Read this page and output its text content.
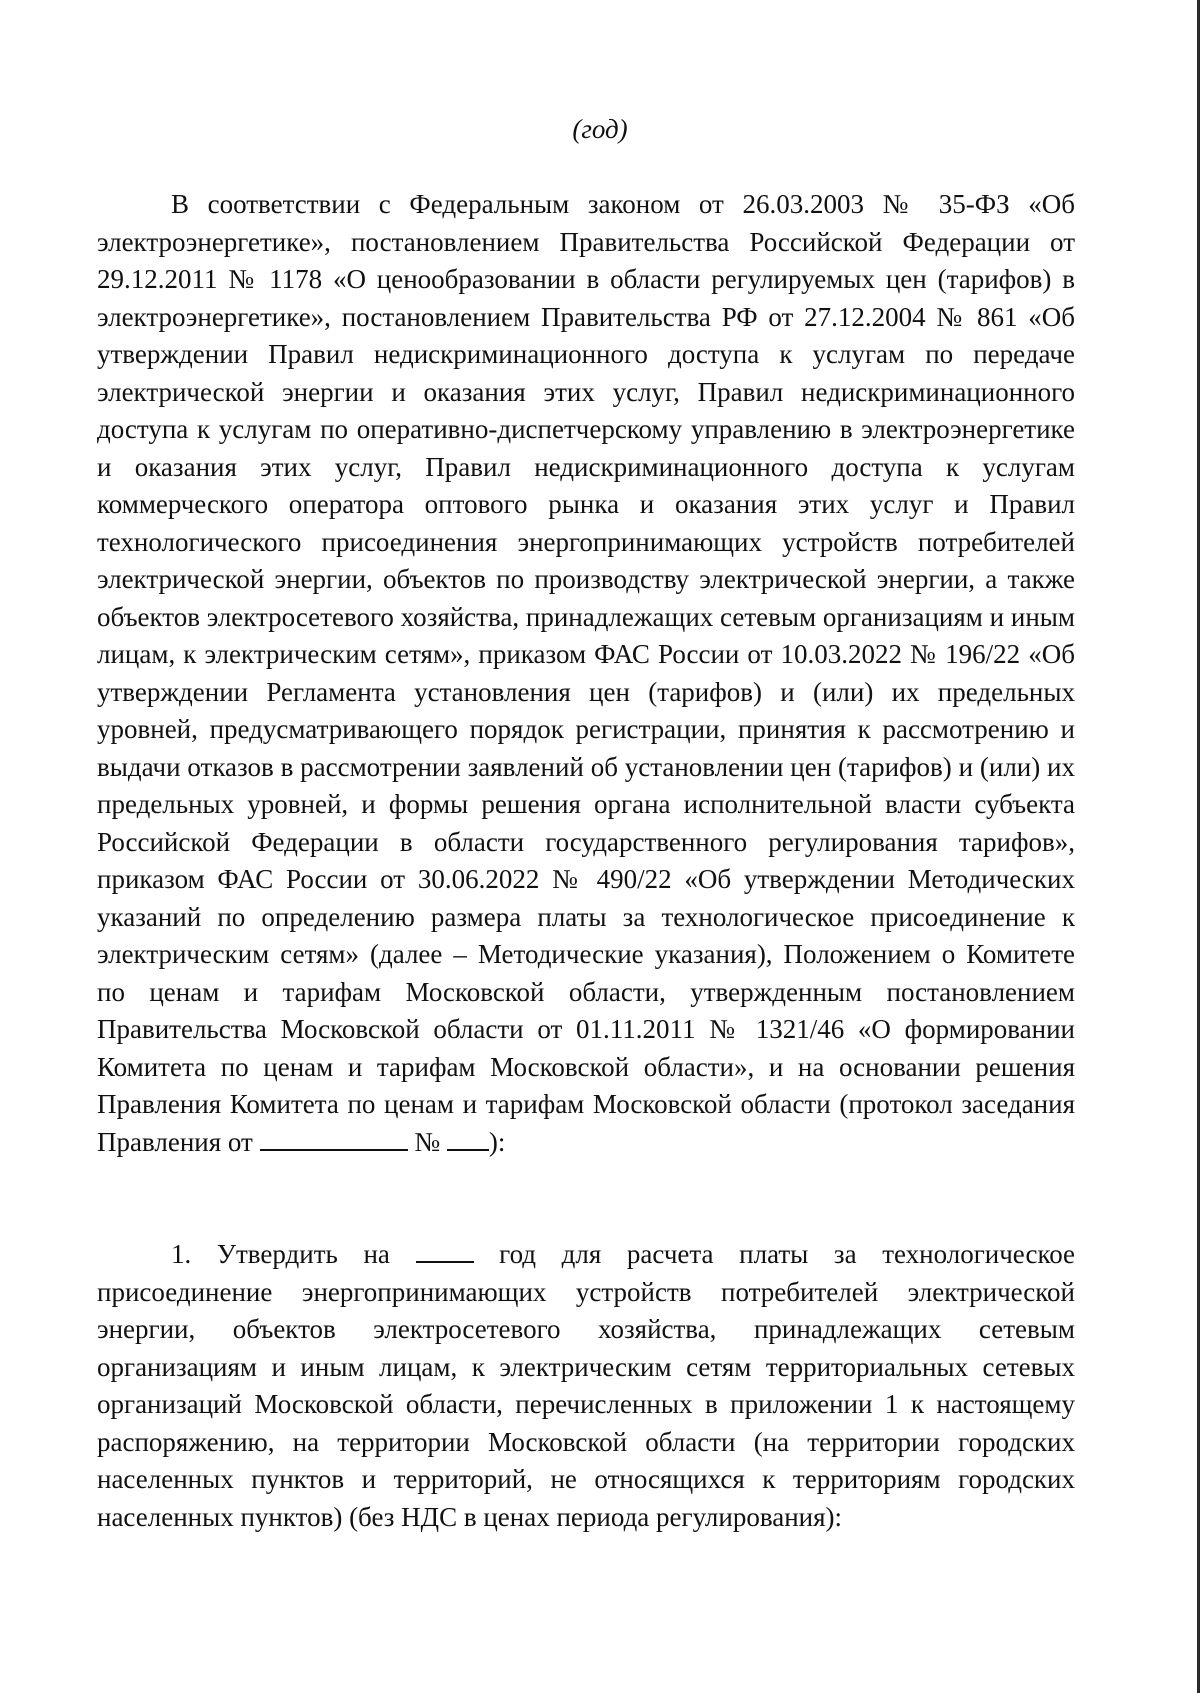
(год)
В соответствии с Федеральным законом от 26.03.2003 № 35-ФЗ «Об электроэнергетике», постановлением Правительства Российской Федерации от 29.12.2011 № 1178 «О ценообразовании в области регулируемых цен (тарифов) в электроэнергетике», постановлением Правительства РФ от 27.12.2004 № 861 «Об утверждении Правил недискриминационного доступа к услугам по передаче электрической энергии и оказания этих услуг, Правил недискриминационного доступа к услугам по оперативно-диспетчерскому управлению в электроэнергетике и оказания этих услуг, Правил недискриминационного доступа к услугам коммерческого оператора оптового рынка и оказания этих услуг и Правил технологического присоединения энергопринимающих устройств потребителей электрической энергии, объектов по производству электрической энергии, а также объектов электросетевого хозяйства, принадлежащих сетевым организациям и иным лицам, к электрическим сетям», приказом ФАС России от 10.03.2022 № 196/22 «Об утверждении Регламента установления цен (тарифов) и (или) их предельных уровней, предусматривающего порядок регистрации, принятия к рассмотрению и выдачи отказов в рассмотрении заявлений об установлении цен (тарифов) и (или) их предельных уровней, и формы решения органа исполнительной власти субъекта Российской Федерации в области государственного регулирования тарифов», приказом ФАС России от 30.06.2022 № 490/22 «Об утверждении Методических указаний по определению размера платы за технологическое присоединение к электрическим сетям» (далее – Методические указания), Положением о Комитете по ценам и тарифам Московской области, утвержденным постановлением Правительства Московской области от 01.11.2011 № 1321/46 «О формировании Комитета по ценам и тарифам Московской области», и на основании решения Правления Комитета по ценам и тарифам Московской области (протокол заседания Правления от	№ ):
1. Утвердить на	год для расчета платы за технологическое присоединение энергопринимающих устройств потребителей электрической энергии, объектов электросетевого хозяйства, принадлежащих сетевым организациям и иным лицам, к электрическим сетям территориальных сетевых организаций Московской области, перечисленных в приложении 1 к настоящему распоряжению, на территории Московской области (на территории городских населенных пунктов и территорий, не относящихся к территориям городских населенных пунктов) (без НДС в ценах периода регулирования):
